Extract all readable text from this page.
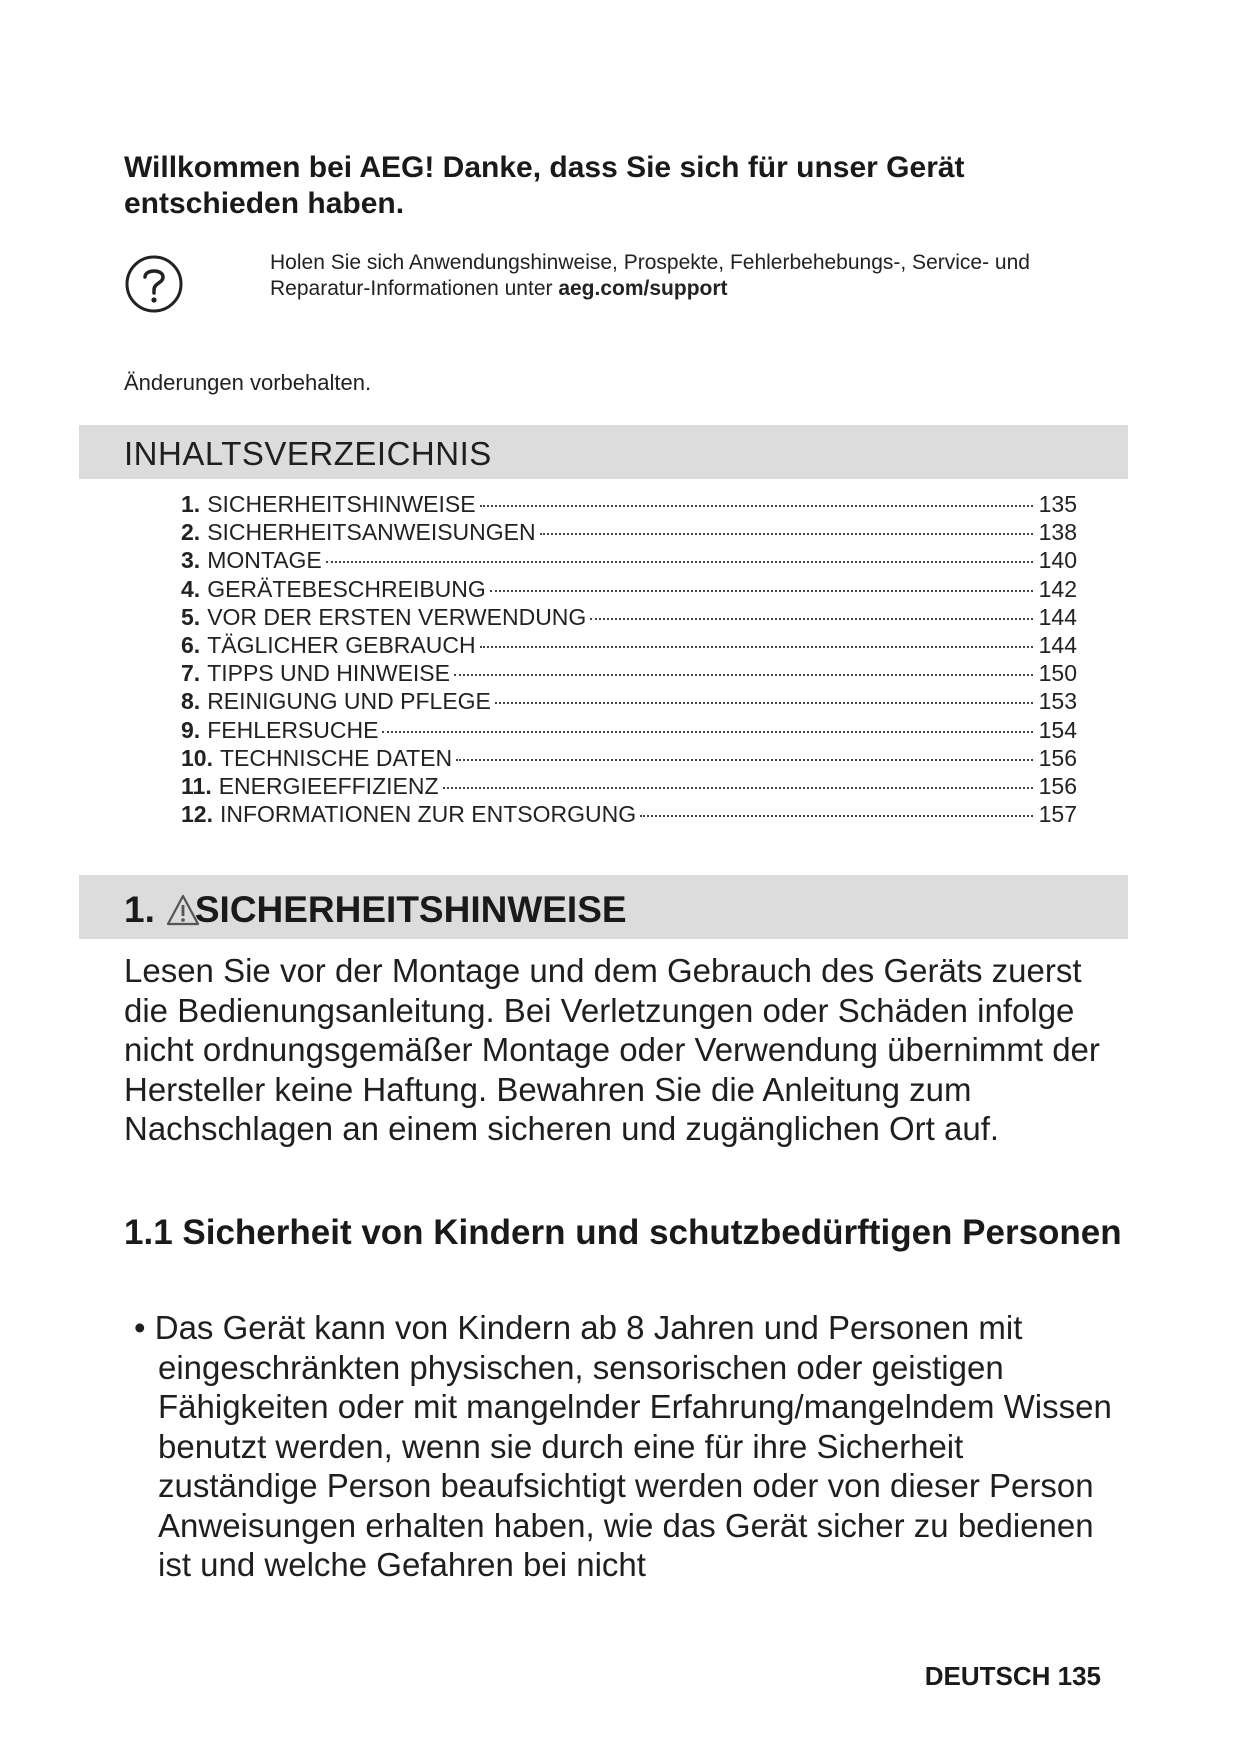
Willkommen bei AEG! Danke, dass Sie sich für unser Gerät entschieden haben.
Holen Sie sich Anwendungshinweise, Prospekte, Fehlerbehebungs-, Service- und Reparatur-Informationen unter aeg.com/support
Änderungen vorbehalten.
INHALTSVERZEICHNIS
1. SICHERHEITSHINWEISE	135
2. SICHERHEITSANWEISUNGEN	138
3. MONTAGE	140
4. GERÄTEBESCHREIBUNG	142
5. VOR DER ERSTEN VERWENDUNG	144
6. TÄGLICHER GEBRAUCH	144
7. TIPPS UND HINWEISE	150
8. REINIGUNG UND PFLEGE	153
9. FEHLERSUCHE	154
10. TECHNISCHE DATEN	156
11. ENERGIEEFFIZIENZ	156
12. INFORMATIONEN ZUR ENTSORGUNG	157
1. SICHERHEITSHINWEISE

Lesen Sie vor der Montage und dem Gebrauch des Geräts zuerst die Bedienungsanleitung. Bei Verletzungen oder Schäden infolge nicht ordnungsgemäßer Montage oder Verwendung übernimmt der Hersteller keine Haftung. Bewahren Sie die Anleitung zum Nachschlagen an einem sicheren und zugänglichen Ort auf.

1.1 Sicherheit von Kindern und schutzbedürftigen Personen

• Das Gerät kann von Kindern ab 8 Jahren und Personen mit eingeschränkten physischen, sensorischen oder geistigen Fähigkeiten oder mit mangelnder Erfahrung/mangelndem Wissen benutzt werden, wenn sie durch eine für ihre Sicherheit zuständige Person beaufsichtigt werden oder von dieser Person Anweisungen erhalten haben, wie das Gerät sicher zu bedienen ist und welche Gefahren bei nicht

DEUTSCH 135
